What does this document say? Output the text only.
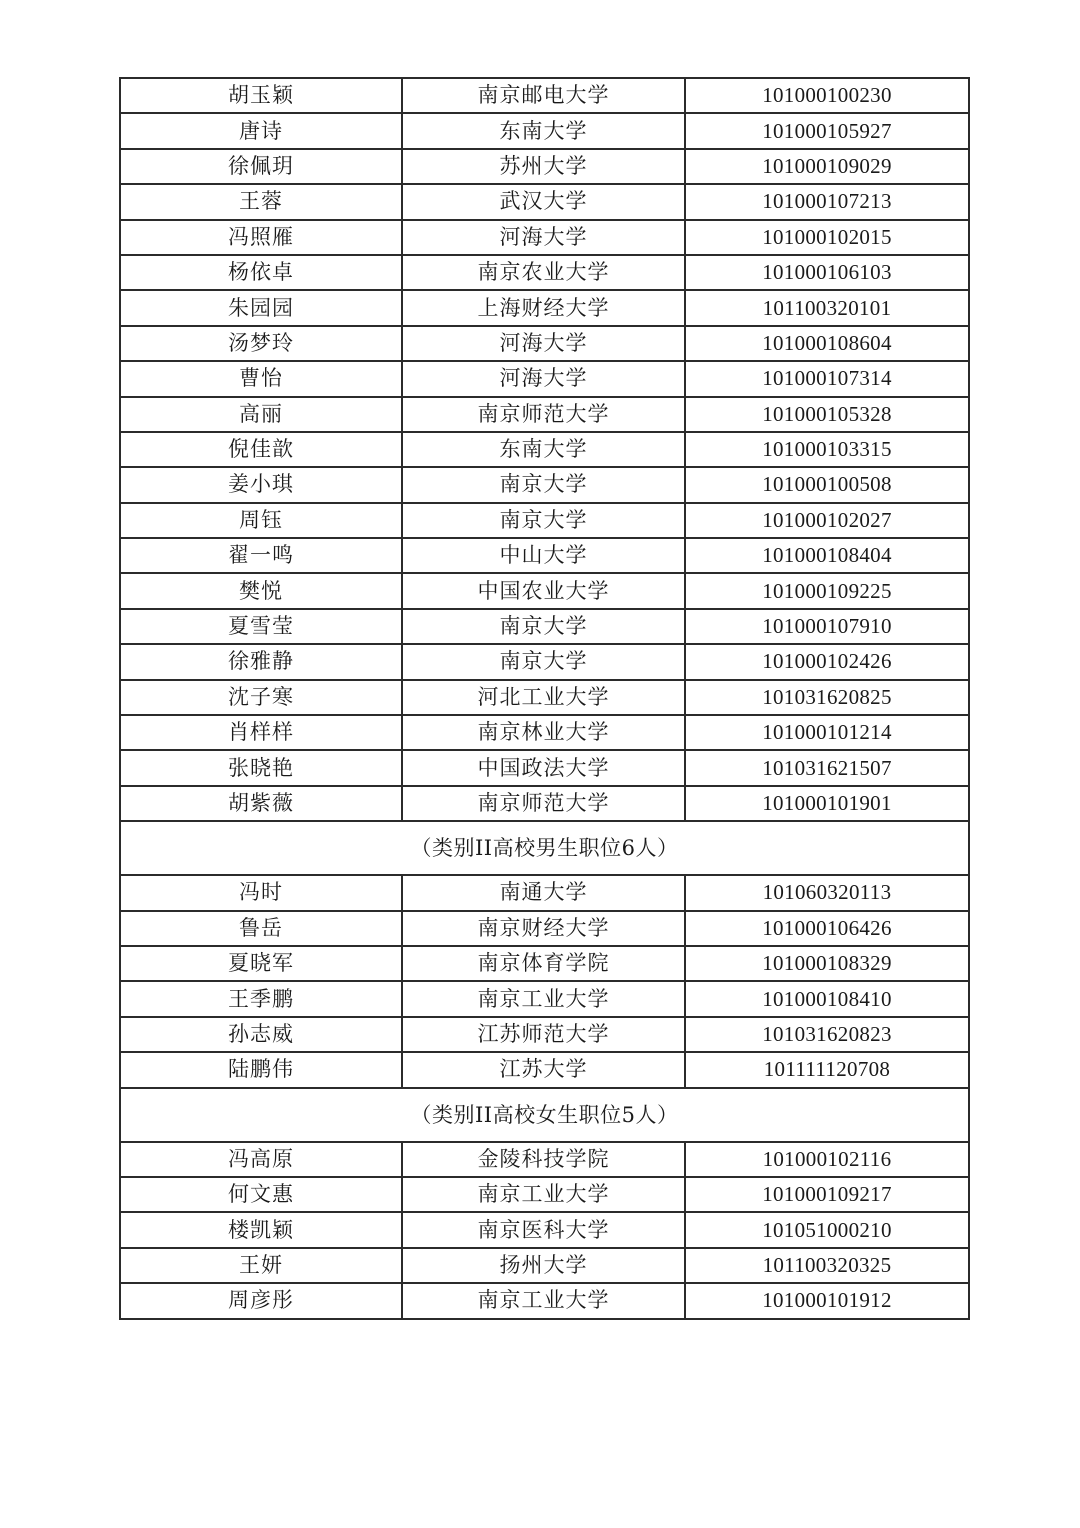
胡玉颖	南京邮电大学	101000100230
唐诗	东南大学	101000105927
徐佩玥	苏州大学	101000109029
王蓉	武汉大学	101000107213
冯照雁	河海大学	101000102015
杨依卓	南京农业大学	101000106103
朱园园	上海财经大学	101100320101
汤梦玲	河海大学	101000108604
曹怡	河海大学	101000107314
高丽	南京师范大学	101000105328
倪佳歆	东南大学	101000103315
姜小琪	南京大学	101000100508
周钰	南京大学	101000102027
翟一鸣	中山大学	101000108404
樊悦	中国农业大学	101000109225
夏雪莹	南京大学	101000107910
徐雅静	南京大学	101000102426
沈子寒	河北工业大学	101031620825
肖样样	南京林业大学	101000101214
张晓艳	中国政法大学	101031621507
胡紫薇	南京师范大学	101000101901
（类别II高校男生职位6人）		
冯时	南通大学	101060320113
鲁岳	南京财经大学	101000106426
夏晓军	南京体育学院	101000108329
王季鹏	南京工业大学	101000108410
孙志威	江苏师范大学	101031620823
陆鹏伟	江苏大学	101111120708
（类别II高校女生职位5人）		
冯高原	金陵科技学院	101000102116
何文惠	南京工业大学	101000109217
楼凯颖	南京医科大学	101051000210
王妍	扬州大学	101100320325
周彦彤	南京工业大学	101000101912
